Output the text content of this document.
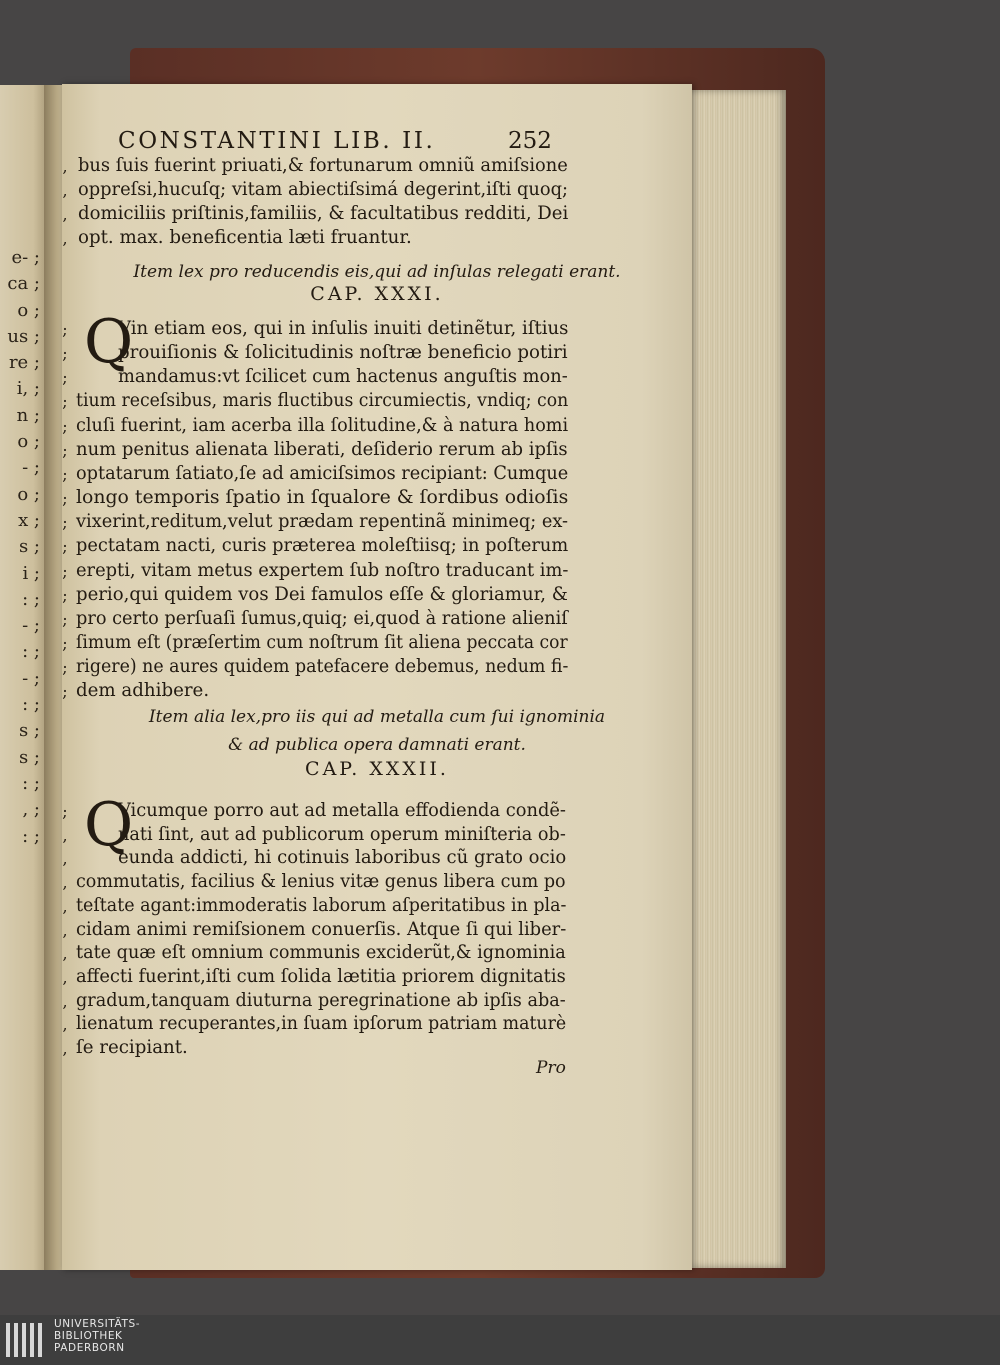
e- ;
ca ;
o ;
us ;
re ;
i, ;
n ;
o ;
- ;
o ;
x ;
s ;
i ;
: ;
- ;
: ;
- ;
: ;
s ;
s ;
: ;
, ;
: ;
CONSTANTINI LIB. II.	252
bus ſuis fuerint priuati,& fortunarum omniũ amiſsione
,
oppreſsi,hucuſq; vitam abiectiſsimá degerint,iſti quoq;
,
domiciliis priſtinis,familiis, & facultatibus redditi, Dei
,
opt. max. beneficentia læti fruantur.
,
Item lex pro reducendis eis,qui ad inſulas relegati erant.
CAP. XXXI.
Q
Vin etiam eos, qui in inſulis inuiti detinẽtur, iſtius
;
prouiſionis & ſolicitudinis noſtræ beneficio potiri
;
mandamus:vt ſcilicet cum hactenus anguſtis mon-
;
tium receſsibus, maris fluctibus circumiectis, vndiq; con
;
cluſi fuerint, iam acerba illa ſolitudine,& à natura homi
;
num penitus alienata liberati, deſiderio rerum ab ipſis
;
optatarum ſatiato,ſe ad amiciſsimos recipiant: Cumque
;
longo temporis ſpatio in ſqualore & ſordibus odioſis
;
vixerint,reditum,velut prædam repentinã minimeq; ex-
;
pectatam nacti, curis præterea moleſtiisq; in poſterum
;
erepti, vitam metus expertem ſub noſtro traducant im-
;
perio,qui quidem vos Dei famulos eſſe & gloriamur, &
;
pro certo perſuaſi ſumus,quiq; ei,quod à ratione alieniſ
;
ſimum eſt (præſertim cum noſtrum ſit aliena peccata cor
;
rigere) ne aures quidem patefacere debemus, nedum fi-
;
dem adhibere.
;
Item alia lex,pro iis qui ad metalla cum ſui ignominia
& ad publica opera damnati erant.
CAP. XXXII.
Q
Vicumque porro aut ad metalla effodienda condẽ-
;
nati ſint, aut ad publicorum operum miniſteria ob-
,
eunda addicti, hi cotinuis laboribus cũ grato ocio
,
commutatis, facilius & lenius vitæ genus libera cum po
,
teſtate agant:immoderatis laborum aſperitatibus in pla-
,
cidam animi remiſsionem conuerſis. Atque ſi qui liber-
,
tate quæ eſt omnium communis exciderũt,& ignominia
,
affecti fuerint,iſti cum ſolida lætitia priorem dignitatis
,
gradum,tanquam diuturna peregrinatione ab ipſis aba-
,
lienatum recuperantes,in ſuam ipſorum patriam maturè
,
ſe recipiant.
,
Pro
UNIVERSITÄTS-
BIBLIOTHEK
PADERBORN
